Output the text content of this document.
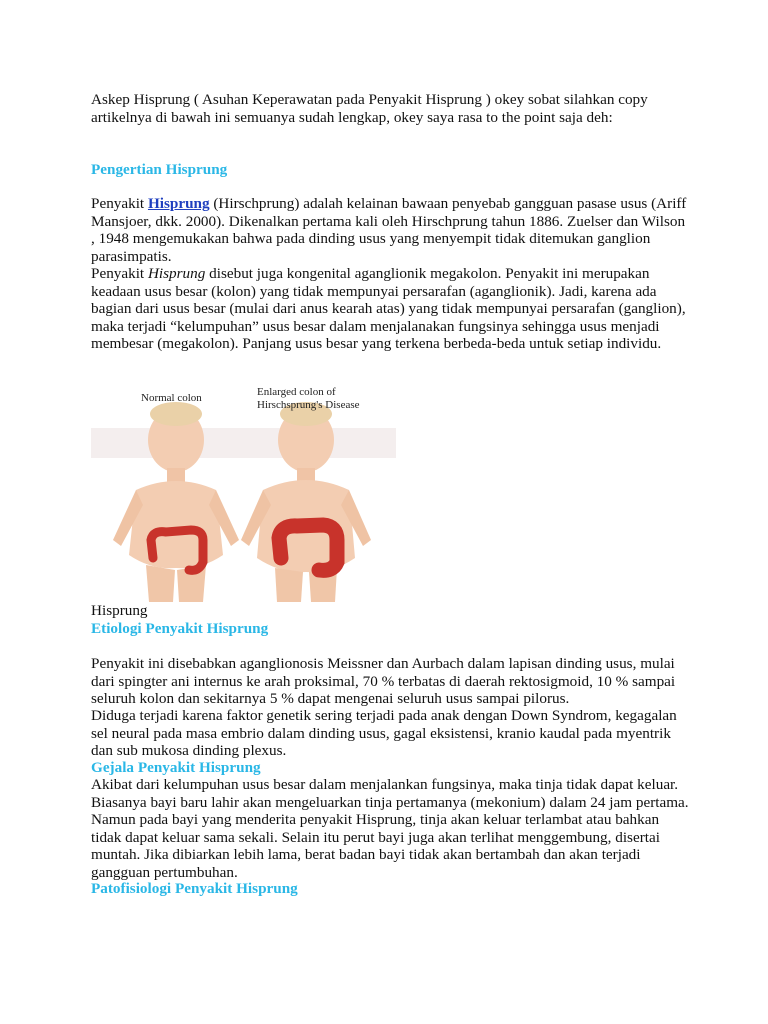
Askep Hisprung ( Asuhan Keperawatan pada Penyakit Hisprung ) okey sobat silahkan copy artikelnya di bawah ini semuanya sudah lengkap, okey saya rasa to the point saja deh:
Pengertian Hisprung
Penyakit Hisprung (Hirschprung) adalah kelainan bawaan penyebab gangguan pasase usus (Ariff Mansjoer, dkk. 2000). Dikenalkan pertama kali oleh Hirschprung tahun 1886. Zuelser dan Wilson , 1948 mengemukakan bahwa pada dinding usus yang menyempit tidak ditemukan ganglion parasimpatis.
Penyakit Hisprung disebut juga kongenital aganglionik megakolon. Penyakit ini merupakan keadaan usus besar (kolon) yang tidak mempunyai persarafan (aganglionik). Jadi, karena ada bagian dari usus besar (mulai dari anus kearah atas) yang tidak mempunyai persarafan (ganglion), maka terjadi “kelumpuhan” usus besar dalam menjalanakan fungsinya sehingga usus menjadi membesar (megakolon). Panjang usus besar yang terkena berbeda-beda untuk setiap individu.
Normal colon	Enlarged colon of
Hirschsprung's Disease
Hisprung
Etiologi Penyakit Hisprung
Penyakit ini disebabkan aganglionosis Meissner dan Aurbach dalam lapisan dinding usus, mulai dari spingter ani internus ke arah proksimal, 70 % terbatas di daerah rektosigmoid, 10 % sampai seluruh kolon dan sekitarnya 5 % dapat mengenai seluruh usus sampai pilorus.
Diduga terjadi karena faktor genetik sering terjadi pada anak dengan Down Syndrom, kegagalan sel neural pada masa embrio dalam dinding usus, gagal eksistensi, kranio kaudal pada myentrik dan sub mukosa dinding plexus.
Gejala Penyakit Hisprung
Akibat dari kelumpuhan usus besar dalam menjalankan fungsinya, maka tinja tidak dapat keluar. Biasanya bayi baru lahir akan mengeluarkan tinja pertamanya (mekonium) dalam 24 jam pertama. Namun pada bayi yang menderita penyakit Hisprung, tinja akan keluar terlambat atau bahkan tidak dapat keluar sama sekali. Selain itu perut bayi juga akan terlihat menggembung, disertai muntah. Jika dibiarkan lebih lama, berat badan bayi tidak akan bertambah dan akan terjadi gangguan pertumbuhan.
Patofisiologi Penyakit Hisprung
